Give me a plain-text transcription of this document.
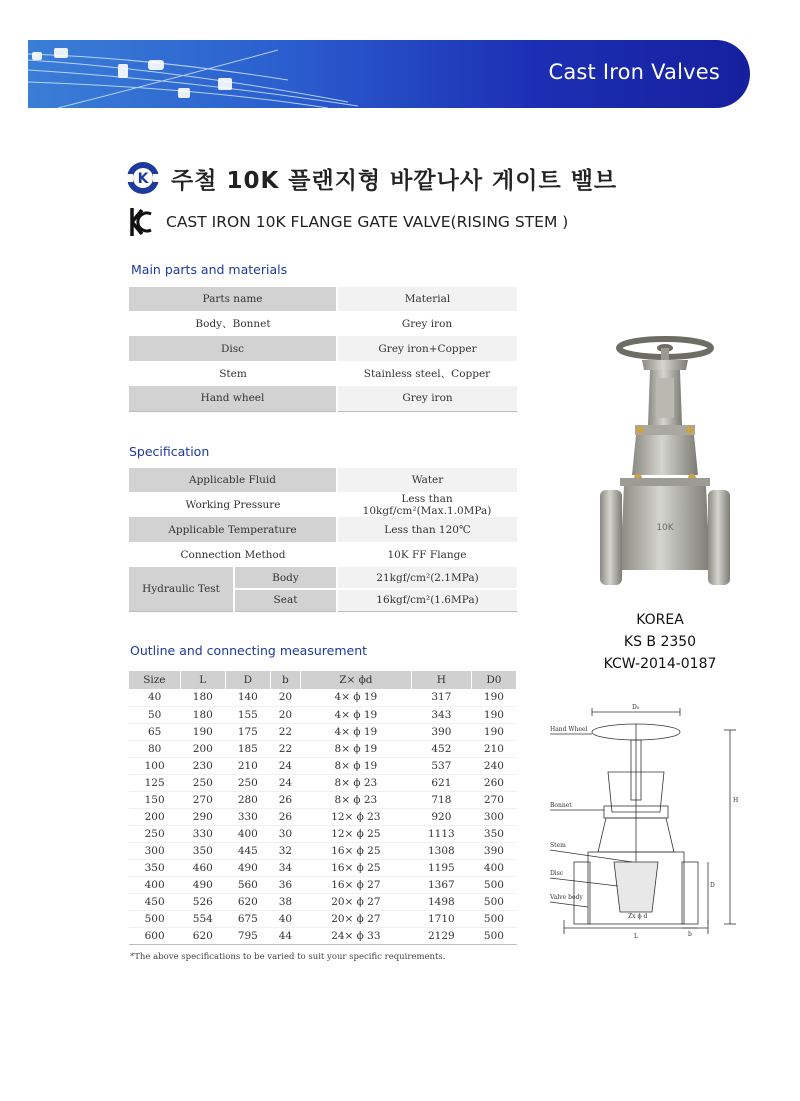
Cast Iron Valves
K 주철 10K 플랜지형 바깥나사 게이트 밸브
CAST IRON 10K FLANGE GATE VALVE(RISING STEM )
Main parts and materials
Parts name	Material
Body、Bonnet	Grey iron
Disc	Grey iron+Copper
Stem	Stainless steel、Copper
Hand wheel	Grey iron
Specification
Applicable Fluid		Water
Working Pressure		Less than 10kgf/cm²(Max.1.0MPa)
Applicable Temperature		Less than 120℃
Connection Method		10K FF Flange
Hydraulic Test	Body	21kgf/cm²(2.1MPa)
	Seat	16kgf/cm²(1.6MPa)
Outline and connecting measurement
Size	L	D	b	Z× ϕd	H	D0
40	180	140	20	4× ϕ 19	317	190
50	180	155	20	4× ϕ 19	343	190
65	190	175	22	4× ϕ 19	390	190
80	200	185	22	8× ϕ 19	452	210
100	230	210	24	8× ϕ 19	537	240
125	250	250	24	8× ϕ 23	621	260
150	270	280	26	8× ϕ 23	718	270
200	290	330	26	12× ϕ 23	920	300
250	330	400	30	12× ϕ 25	1113	350
300	350	445	32	16× ϕ 25	1308	390
350	460	490	34	16× ϕ 25	1195	400
400	490	560	36	16× ϕ 27	1367	500
450	526	620	38	20× ϕ 27	1498	500
500	554	675	40	20× ϕ 27	1710	500
600	620	795	44	24× ϕ 33	2129	500
*The above specifications to be varied to suit your specific requirements.
10K
KOREA
KS B 2350
KCW-2014-0187
Hand Wheel
Bonnet
Stem
Disc
Valve body
D₀
H
D
b
L
Zx ϕ d
